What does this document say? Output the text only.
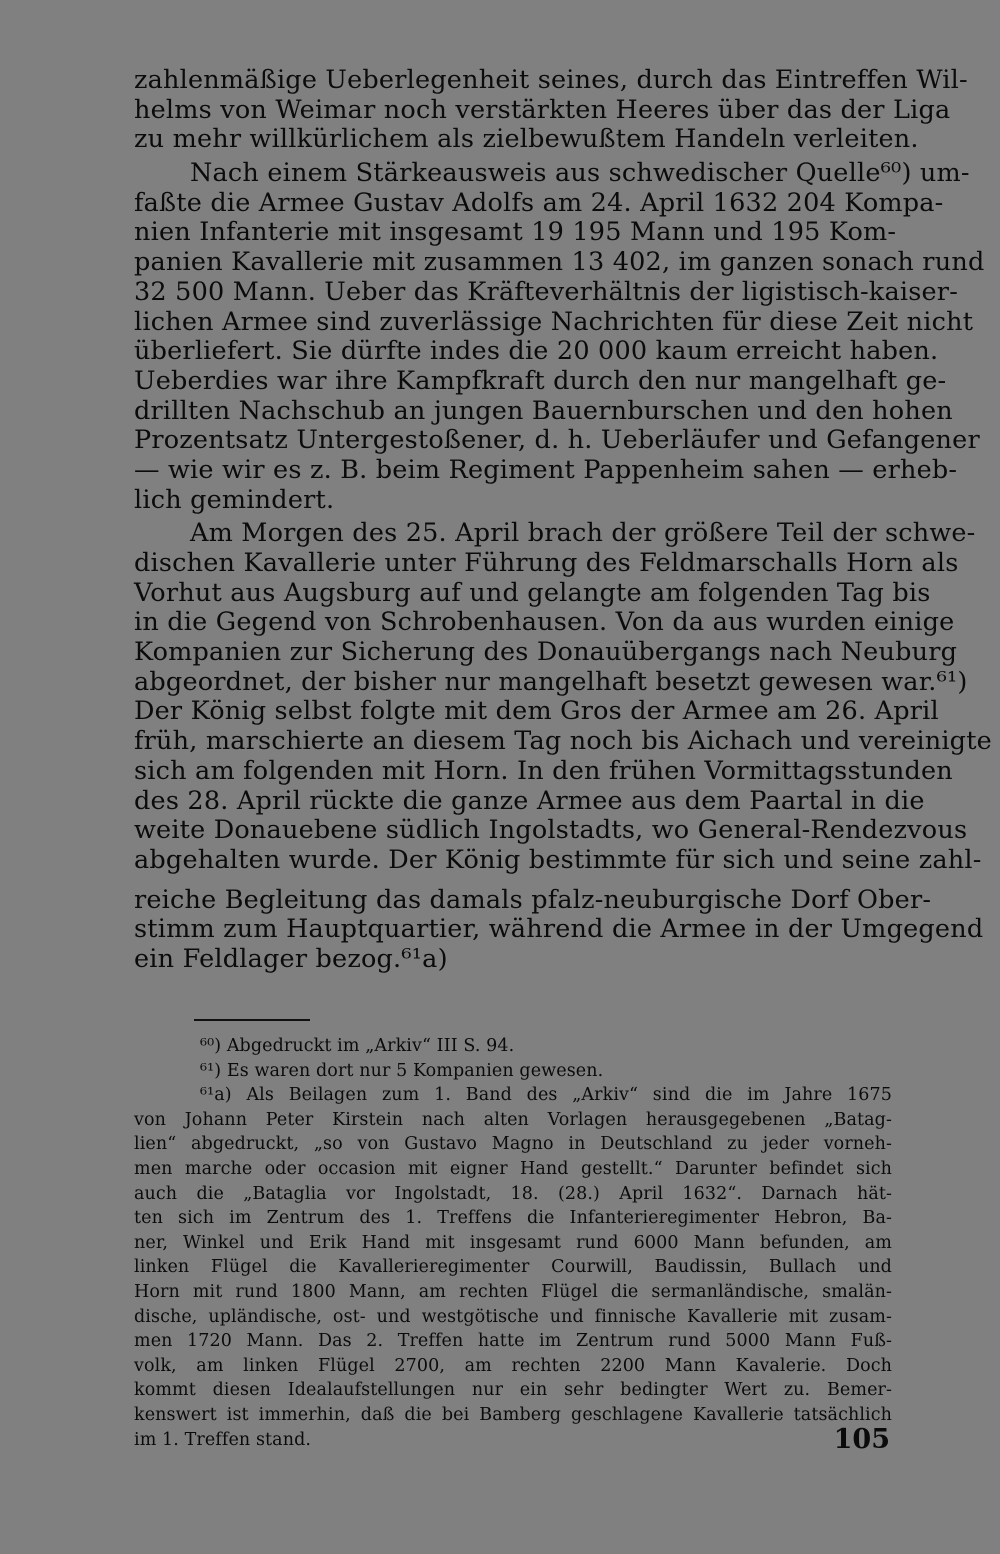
zahlenmäßige Ueberlegenheit seines, durch das Eintreffen Wil-
helms von Weimar noch verstärkten Heeres über das der Liga
zu mehr willkürlichem als zielbewußtem Handeln verleiten.
Nach einem Stärkeausweis aus schwedischer Quelle⁶⁰) um-
faßte die Armee Gustav Adolfs am 24. April 1632 204 Kompa-
nien Infanterie mit insgesamt 19 195 Mann und 195 Kom-
panien Kavallerie mit zusammen 13 402, im ganzen sonach rund
32 500 Mann. Ueber das Kräfteverhältnis der ligistisch-kaiser-
lichen Armee sind zuverlässige Nachrichten für diese Zeit nicht
überliefert. Sie dürfte indes die 20 000 kaum erreicht haben.
Ueberdies war ihre Kampfkraft durch den nur mangelhaft ge-
drillten Nachschub an jungen Bauernburschen und den hohen
Prozentsatz Untergestoßener, d. h. Ueberläufer und Gefangener
— wie wir es z. B. beim Regiment Pappenheim sahen — erheb-
lich gemindert.
Am Morgen des 25. April brach der größere Teil der schwe-
dischen Kavallerie unter Führung des Feldmarschalls Horn als
Vorhut aus Augsburg auf und gelangte am folgenden Tag bis
in die Gegend von Schrobenhausen. Von da aus wurden einige
Kompanien zur Sicherung des Donauübergangs nach Neuburg
abgeordnet, der bisher nur mangelhaft besetzt gewesen war.⁶¹)
Der König selbst folgte mit dem Gros der Armee am 26. April
früh, marschierte an diesem Tag noch bis Aichach und vereinigte
sich am folgenden mit Horn. In den frühen Vormittagsstunden
des 28. April rückte die ganze Armee aus dem Paartal in die
weite Donauebene südlich Ingolstadts, wo General-Rendezvous
abgehalten wurde. Der König bestimmte für sich und seine zahl-
reiche Begleitung das damals pfalz-neuburgische Dorf Ober-
stimm zum Hauptquartier, während die Armee in der Umgegend
ein Feldlager bezog.⁶¹a)
⁶⁰) Abgedruckt im „Arkiv“ III S. 94.
⁶¹) Es waren dort nur 5 Kompanien gewesen.
⁶¹a) Als Beilagen zum 1. Band des „Arkiv“ sind die im Jahre 1675
von Johann Peter Kirstein nach alten Vorlagen herausgegebenen „Batag-
lien“ abgedruckt, „so von Gustavo Magno in Deutschland zu jeder vorneh-
men marche oder occasion mit eigner Hand gestellt.“ Darunter befindet sich
auch die „Bataglia vor Ingolstadt, 18. (28.) April 1632“. Darnach hät-
ten sich im Zentrum des 1. Treffens die Infanterieregimenter Hebron, Ba-
ner, Winkel und Erik Hand mit insgesamt rund 6000 Mann befunden, am
linken Flügel die Kavallerieregimenter Courwill, Baudissin, Bullach und
Horn mit rund 1800 Mann, am rechten Flügel die sermanländische, smalän-
dische, upländische, ost- und westgötische und finnische Kavallerie mit zusam-
men 1720 Mann. Das 2. Treffen hatte im Zentrum rund 5000 Mann Fuß-
volk, am linken Flügel 2700, am rechten 2200 Mann Kavalerie. Doch
kommt diesen Idealaufstellungen nur ein sehr bedingter Wert zu. Bemer-
kenswert ist immerhin, daß die bei Bamberg geschlagene Kavallerie tatsächlich
im 1. Treffen stand.	105
